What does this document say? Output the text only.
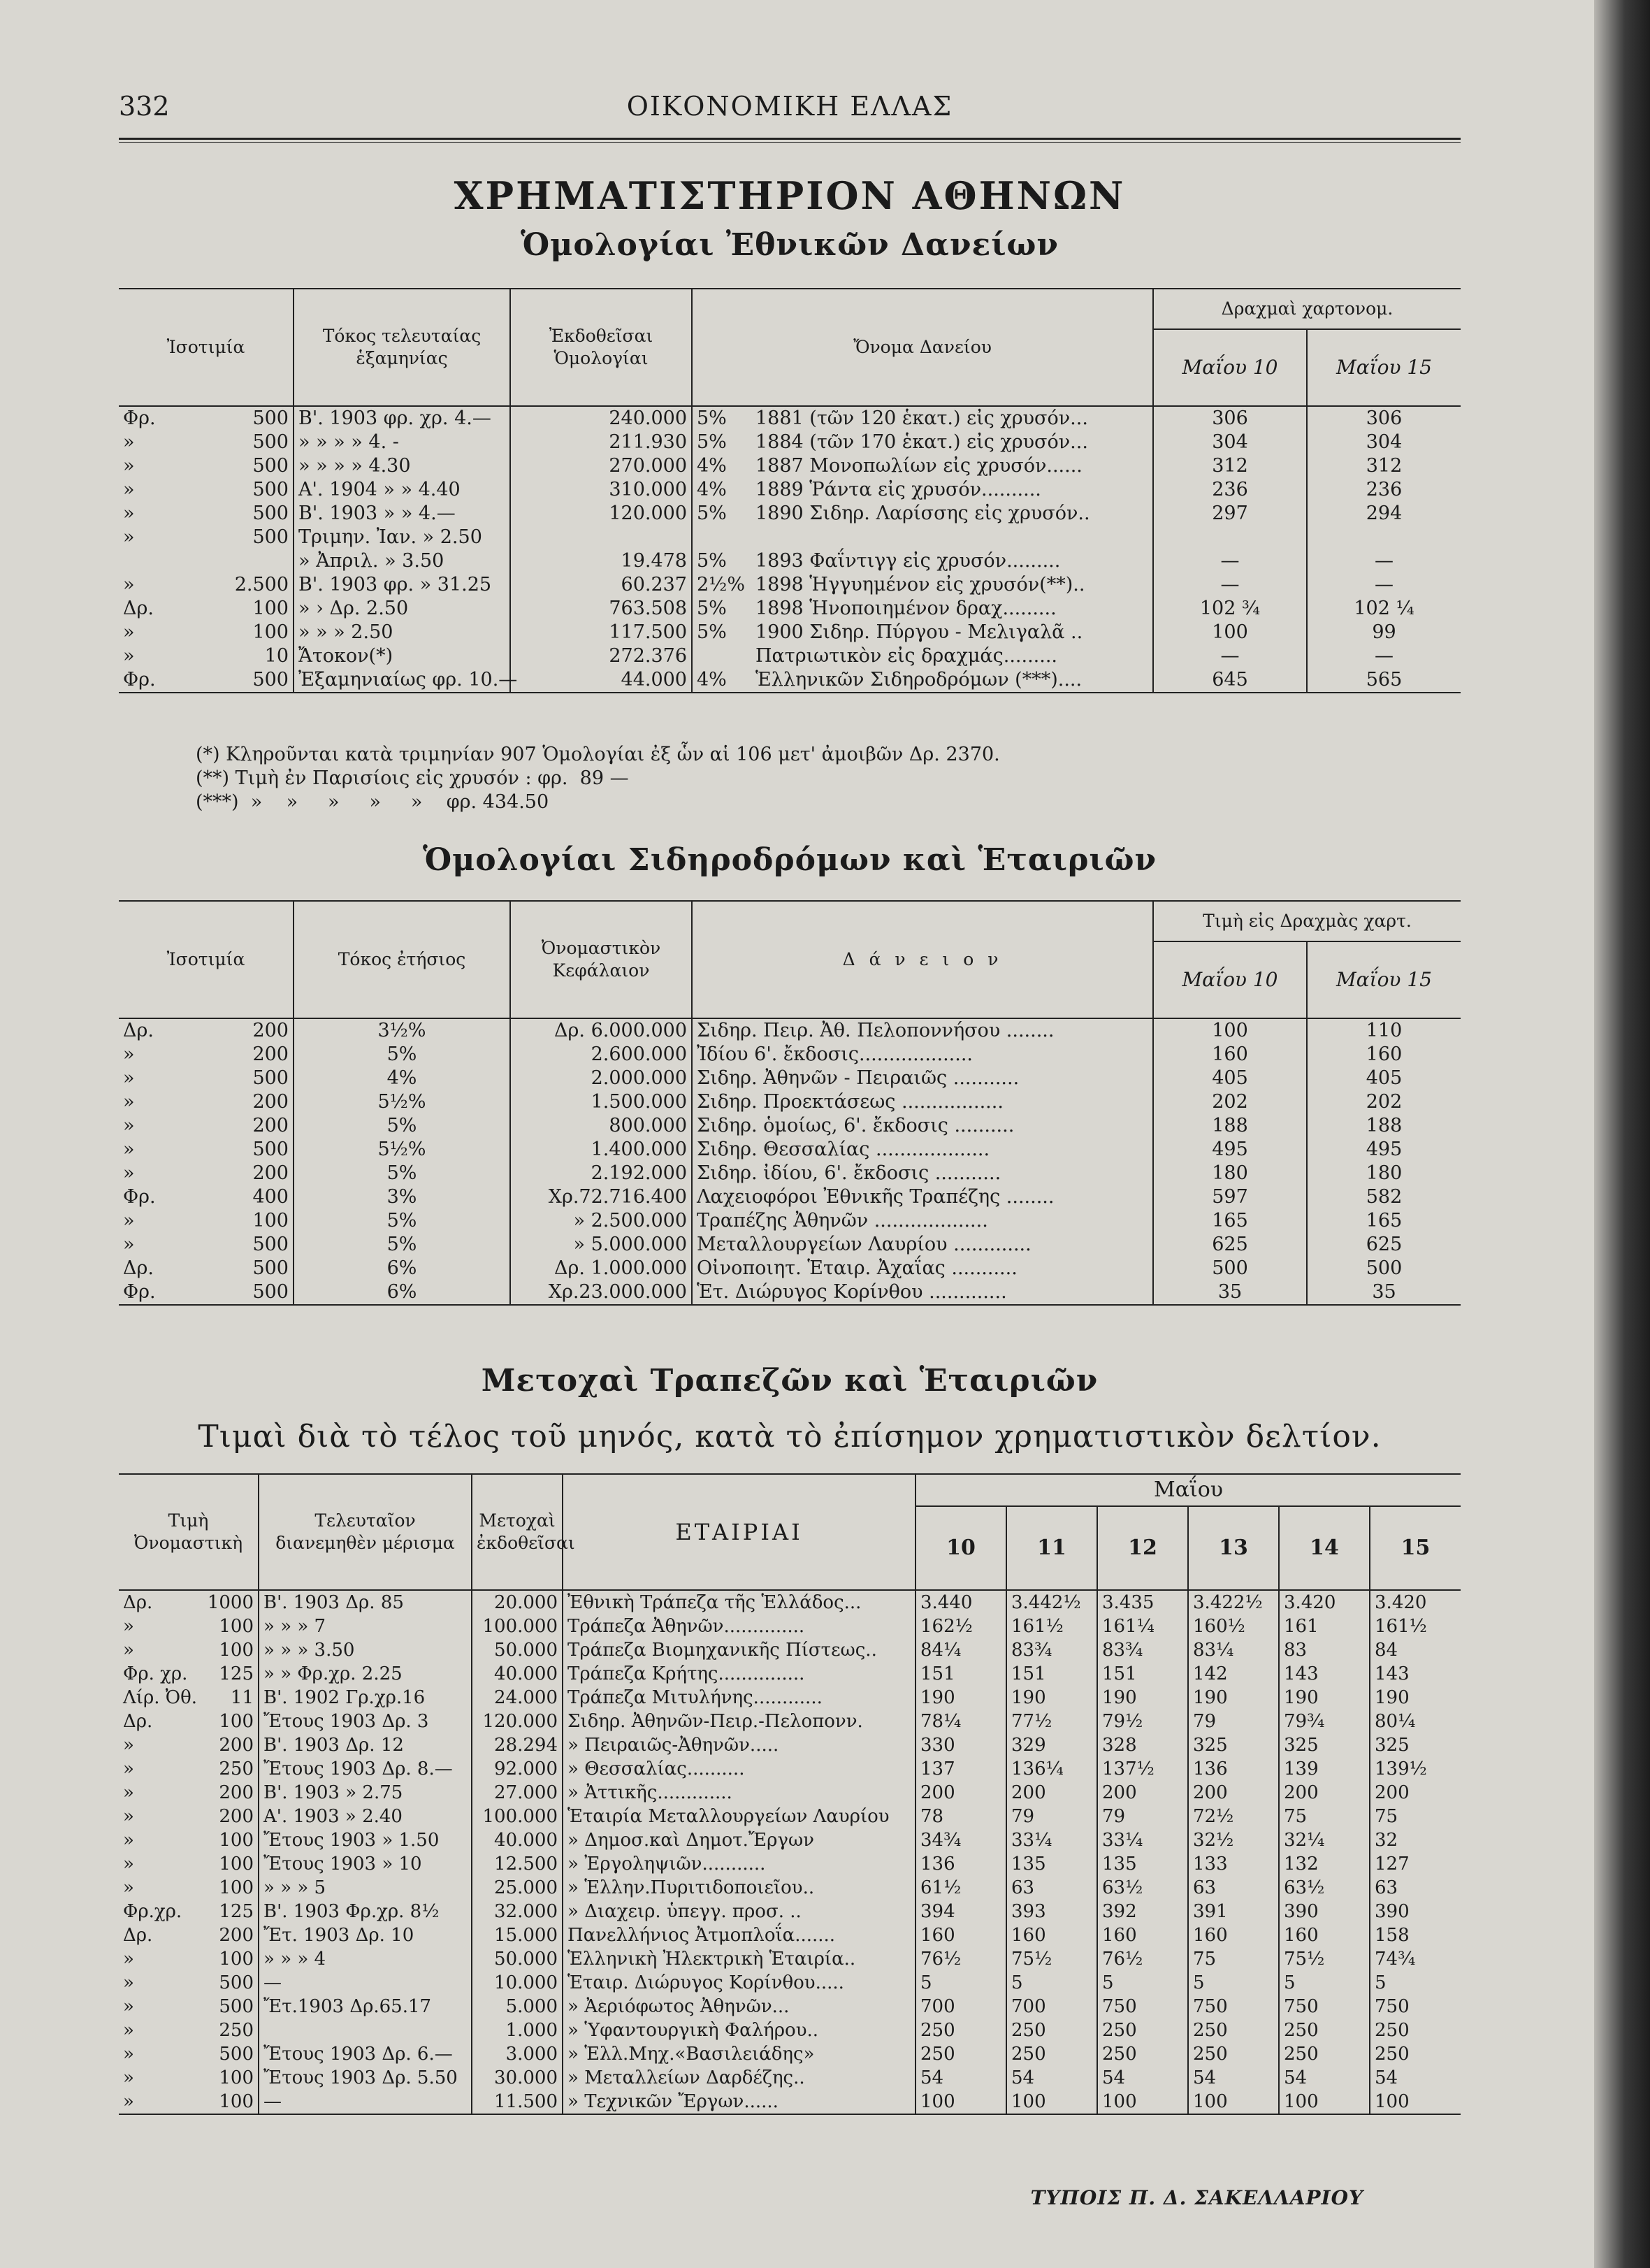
332	ΟΙΚΟΝΟΜΙΚΗ ΕΛΛΑΣ
ΧΡΗΜΑΤΙΣΤΗΡΙΟΝ ΑΘΗΝΩΝ
Ὁμολογίαι Ἐθνικῶν Δανείων
Ἰσοτιμία		Τόκος τελευταίας ἑξαμηνίας	Ἐκδοθεῖσαι Ὁμολογίαι	Ὄνομα Δανείου		Δραχμαὶ χαρτονομ.	
						Μαΐου 10	Μαΐου 15
Φρ.	500	Β'. 1903 φρ. χρ. 4.—	240.000	5%	1881 (τῶν 120 ἑκατ.) εἰς χρυσόν...	306	306
»	500	» » » » 4. -	211.930	5%	1884 (τῶν 170 ἑκατ.) εἰς χρυσόν...	304	304
»	500	» » » » 4.30	270.000	4%	1887 Μονοπωλίων εἰς χρυσόν......	312	312
»	500	Α'. 1904 » » 4.40	310.000	4%	1889 Ῥάντα εἰς χρυσόν..........	236	236
»	500	Β'. 1903 » » 4.—	120.000	5%	1890 Σιδηρ. Λαρίσσης εἰς χρυσόν..	297	294
»	500	Τριμην. Ἰαν. » 2.50					
		» Ἀπριλ. » 3.50	19.478	5%	1893 Φαΐντιγγ εἰς χρυσόν.........	—	—
»	2.500	Β'. 1903 φρ. » 31.25	60.237	2½%	1898 Ἡγγυημένον εἰς χρυσόν(**)..	—	—
Δρ.	100	» › Δρ. 2.50	763.508	5%	1898 Ἡνοποιημένον δραχ.........	102 ¾	102 ¼
»	100	» » » 2.50	117.500	5%	1900 Σιδηρ. Πύργου - Μελιγαλᾶ ..	100	99
»	10	Ἄτοκον(*)	272.376		Πατριωτικὸν εἰς δραχμάς.........	—	—
Φρ.	500	Ἐξαμηνιαίως φρ. 10.—	44.000	4%	Ἑλληνικῶν Σιδηροδρόμων (***)....	645	565
(*) Κληροῦνται κατὰ τριμηνίαν 907 Ὁμολογίαι ἐξ ὧν αἱ 106 μετ' ἀμοιβῶν Δρ. 2370.
(**) Τιμὴ ἐν Παρισίοις εἰς χρυσόν : φρ.  89 —
(***)  »    »     »     »     »    φρ. 434.50
Ὁμολογίαι Σιδηροδρόμων καὶ Ἑταιριῶν
Ἰσοτιμία		Τόκος ἐτήσιος	Ὀνομαστικὸν Κεφάλαιον	Δ ά ν ε ι ο ν	Τιμὴ εἰς Δραχμὰς χαρτ.	
					Μαΐου 10	Μαΐου 15
Δρ.	200	3½%	Δρ. 6.000.000	Σιδηρ. Πειρ. Ἀθ. Πελοποννήσου ........	100	110
»	200	5%	2.600.000	Ἰδίου 6'. ἔκδοσις...................	160	160
»	500	4%	2.000.000	Σιδηρ. Ἀθηνῶν - Πειραιῶς ...........	405	405
»	200	5½%	1.500.000	Σιδηρ. Προεκτάσεως .................	202	202
»	200	5%	800.000	Σιδηρ. ὁμοίως, 6'. ἔκδοσις ..........	188	188
»	500	5½%	1.400.000	Σιδηρ. Θεσσαλίας ...................	495	495
»	200	5%	2.192.000	Σιδηρ. ἰδίου, 6'. ἔκδοσις ...........	180	180
Φρ.	400	3%	Χρ.72.716.400	Λαχειοφόροι Ἐθνικῆς Τραπέζης ........	597	582
»	100	5%	» 2.500.000	Τραπέζης Ἀθηνῶν ...................	165	165
»	500	5%	» 5.000.000	Μεταλλουργείων Λαυρίου .............	625	625
Δρ.	500	6%	Δρ. 1.000.000	Οἰνοποιητ. Ἑταιρ. Ἀχαΐας ...........	500	500
Φρ.	500	6%	Χρ.23.000.000	Ἑτ. Διώρυγος Κορίνθου .............	35	35
Μετοχαὶ Τραπεζῶν καὶ Ἑταιριῶν
Τιμαὶ διὰ τὸ τέλος τοῦ μηνός, κατὰ τὸ ἐπίσημον χρηματιστικὸν δελτίον.
Τιμὴ Ὀνομαστικὴ		Τελευταῖον διανεμηθὲν μέρισμα	Μετοχαὶ ἐκδοθεῖσαι	ΕΤΑΙΡΙΑΙ	Μαΐου					
					10	11	12	13	14	15
Δρ.	1000	Β'. 1903 Δρ. 85	20.000	Ἐθνικὴ Τράπεζα τῆς Ἑλλάδος...	3.440	3.442½	3.435	3.422½	3.420	3.420
»	100	» » » 7	100.000	Τράπεζα Ἀθηνῶν..............	162½	161½	161¼	160½	161	161½
»	100	» » » 3.50	50.000	Τράπεζα Βιομηχανικῆς Πίστεως..	84¼	83¾	83¾	83¼	83	84
Φρ. χρ.	125	» » Φρ.χρ. 2.25	40.000	Τράπεζα Κρήτης...............	151	151	151	142	143	143
Λίρ. Ὀθ.	11	Β'. 1902 Γρ.χρ.16	24.000	Τράπεζα Μιτυλήνης............	190	190	190	190	190	190
Δρ.	100	Ἔτους 1903 Δρ. 3	120.000	Σιδηρ. Ἀθηνῶν-Πειρ.-Πελοπονν.	78¼	77½	79½	79	79¾	80¼
»	200	Β'. 1903 Δρ. 12	28.294	» Πειραιῶς-Ἀθηνῶν.....	330	329	328	325	325	325
»	250	Ἔτους 1903 Δρ. 8.—	92.000	» Θεσσαλίας..........	137	136¼	137½	136	139	139½
»	200	Β'. 1903 » 2.75	27.000	» Ἀττικῆς.............	200	200	200	200	200	200
»	200	Α'. 1903 » 2.40	100.000	Ἑταιρία Μεταλλουργείων Λαυρίου	78	79	79	72½	75	75
»	100	Ἔτους 1903 » 1.50	40.000	» Δημοσ.καὶ Δημοτ.Ἔργων	34¾	33¼	33¼	32½	32¼	32
»	100	Ἔτους 1903 » 10	12.500	» Ἐργοληψιῶν...........	136	135	135	133	132	127
»	100	» » » 5	25.000	» Ἑλλην.Πυριτιδοποιεῖου..	61½	63	63½	63	63½	63
Φρ.χρ.	125	Β'. 1903 Φρ.χρ. 8½	32.000	» Διαχειρ. ὑπεγγ. προσ. ..	394	393	392	391	390	390
Δρ.	200	Ἔτ. 1903 Δρ. 10	15.000	Πανελλήνιος Ἀτμοπλοΐα.......	160	160	160	160	160	158
»	100	» » » 4	50.000	Ἑλληνικὴ Ἠλεκτρικὴ Ἑταιρία..	76½	75½	76½	75	75½	74¾
»	500	—	10.000	Ἑταιρ. Διώρυγος Κορίνθου.....	5	5	5	5	5	5
»	500	Ἔτ.1903 Δρ.65.17	5.000	» Ἀεριόφωτος Ἀθηνῶν...	700	700	750	750	750	750
»	250		1.000	» Ὑφαντουργικὴ Φαλήρου..	250	250	250	250	250	250
»	500	Ἔτους 1903 Δρ. 6.—	3.000	» Ἑλλ.Μηχ.«Βασιλειάδης»	250	250	250	250	250	250
»	100	Ἔτους 1903 Δρ. 5.50	30.000	» Μεταλλείων Δαρδέζης..	54	54	54	54	54	54
»	100	—	11.500	» Τεχνικῶν Ἔργων......	100	100	100	100	100	100
ΤΥΠΟΙΣ Π. Δ. ΣΑΚΕΛΛΑΡΙΟΥ
